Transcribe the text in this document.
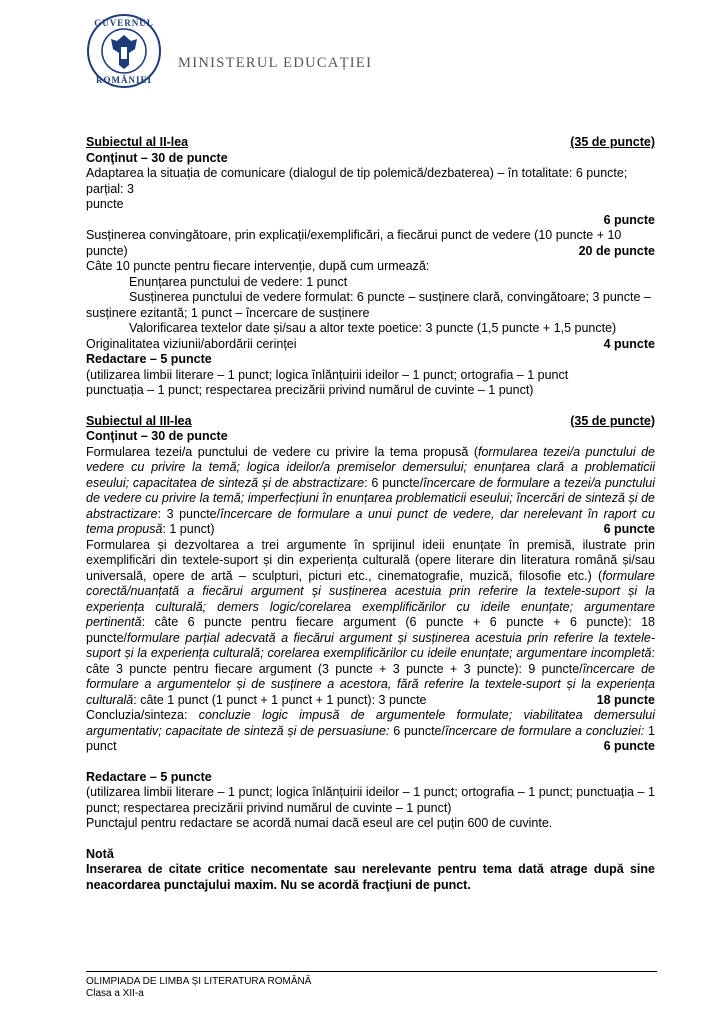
GUVERNUL
ROMÂNIEI
MINISTERUL EDUCAȚIEI
Subiectul al II-lea	(35 de puncte)

Conţinut – 30 de puncte

Adaptarea la situația de comunicare (dialogul de tip polemică/dezbaterea) – în totalitate: 6 puncte; parțial: 3

puncte

6 puncte

Susținerea convingătoare, prin explicații/exemplificări, a fiecărui punct de vedere (10 puncte + 10

puncte)	20 de puncte

Câte 10 puncte pentru fiecare intervenție, după cum urmează:

Enunțarea punctului de vedere: 1 punct

Susținerea punctului de vedere formulat: 6 puncte – susținere clară, convingătoare; 3 puncte –

susținere ezitantă; 1 punct – încercare de susținere

Valorificarea textelor date și/sau a altor texte poetice: 3 puncte (1,5 puncte + 1,5 puncte)

Originalitatea viziunii/abordării cerinței	4 puncte

Redactare – 5 puncte

(utilizarea limbii literare – 1 punct; logica înlănțuirii ideilor – 1 punct; ortografia – 1 punct

punctuația – 1 punct; respectarea precizării privind numărul de cuvinte – 1 punct)

Subiectul al III-lea	(35 de puncte)

Conţinut – 30 de puncte

Formularea tezei/a punctului de vedere cu privire la tema propusă (formularea tezei/a punctului de vedere cu privire la temă; logica ideilor/a premiselor demersului; enunțarea clară a problematicii eseului; capacitatea de sinteză și de abstractizare: 6 puncte/încercare de formulare a tezei/a punctului de vedere cu privire la temă; imperfecțiuni în enunțarea problematicii eseului; încercări de sinteză și de abstractizare: 3 puncte/încercare de formulare a unui punct de vedere, dar nerelevant în raport cu tema propusă: 1 punct)	6 puncte

Formularea și dezvoltarea a trei argumente în sprijinul ideii enunțate în premisă, ilustrate prin exemplificări din textele-suport și din experiența culturală (opere literare din literatura română și/sau universală, opere de artă – sculpturi, picturi etc., cinematografie, muzică, filosofie etc.) (formulare corectă/nuanțată a fiecărui argument și susținerea acestuia prin referire la textele-suport și la experiența culturală; demers logic/corelarea exemplificărilor cu ideile enunțate; argumentare pertinentă: câte 6 puncte pentru fiecare argument (6 puncte + 6 puncte + 6 puncte): 18 puncte/formulare parțial adecvată a fiecărui argument și susținerea acestuia prin referire la textele-suport și la experiența culturală; corelarea exemplificărilor cu ideile enunțate; argumentare incompletă: câte 3 puncte pentru fiecare argument (3 puncte + 3 puncte + 3 puncte): 9 puncte/încercare de formulare a argumentelor și de susținere a acestora, fără referire la textele-suport și la experiența culturală: câte 1 punct (1 punct + 1 punct + 1 punct): 3 puncte	18 puncte

Concluzia/sinteza: concluzie logic impusă de argumentele formulate; viabilitatea demersului argumentativ; capacitate de sinteză și de persuasiune: 6 puncte/încercare de formulare a concluziei: 1 punct	6 puncte

Redactare – 5 puncte

(utilizarea limbii literare – 1 punct; logica înlănțuirii ideilor – 1 punct; ortografia – 1 punct; punctuația – 1 punct; respectarea precizării privind numărul de cuvinte – 1 punct)

Punctajul pentru redactare se acordă numai dacă eseul are cel puțin 600 de cuvinte.

Notă

Inserarea de citate critice necomentate sau nerelevante pentru tema dată atrage după sine neacordarea punctajului maxim. Nu se acordă fracţiuni de punct.

OLIMPIADA DE LIMBA ȘI LITERATURA ROMÂNĂ
Clasa a XII-a
